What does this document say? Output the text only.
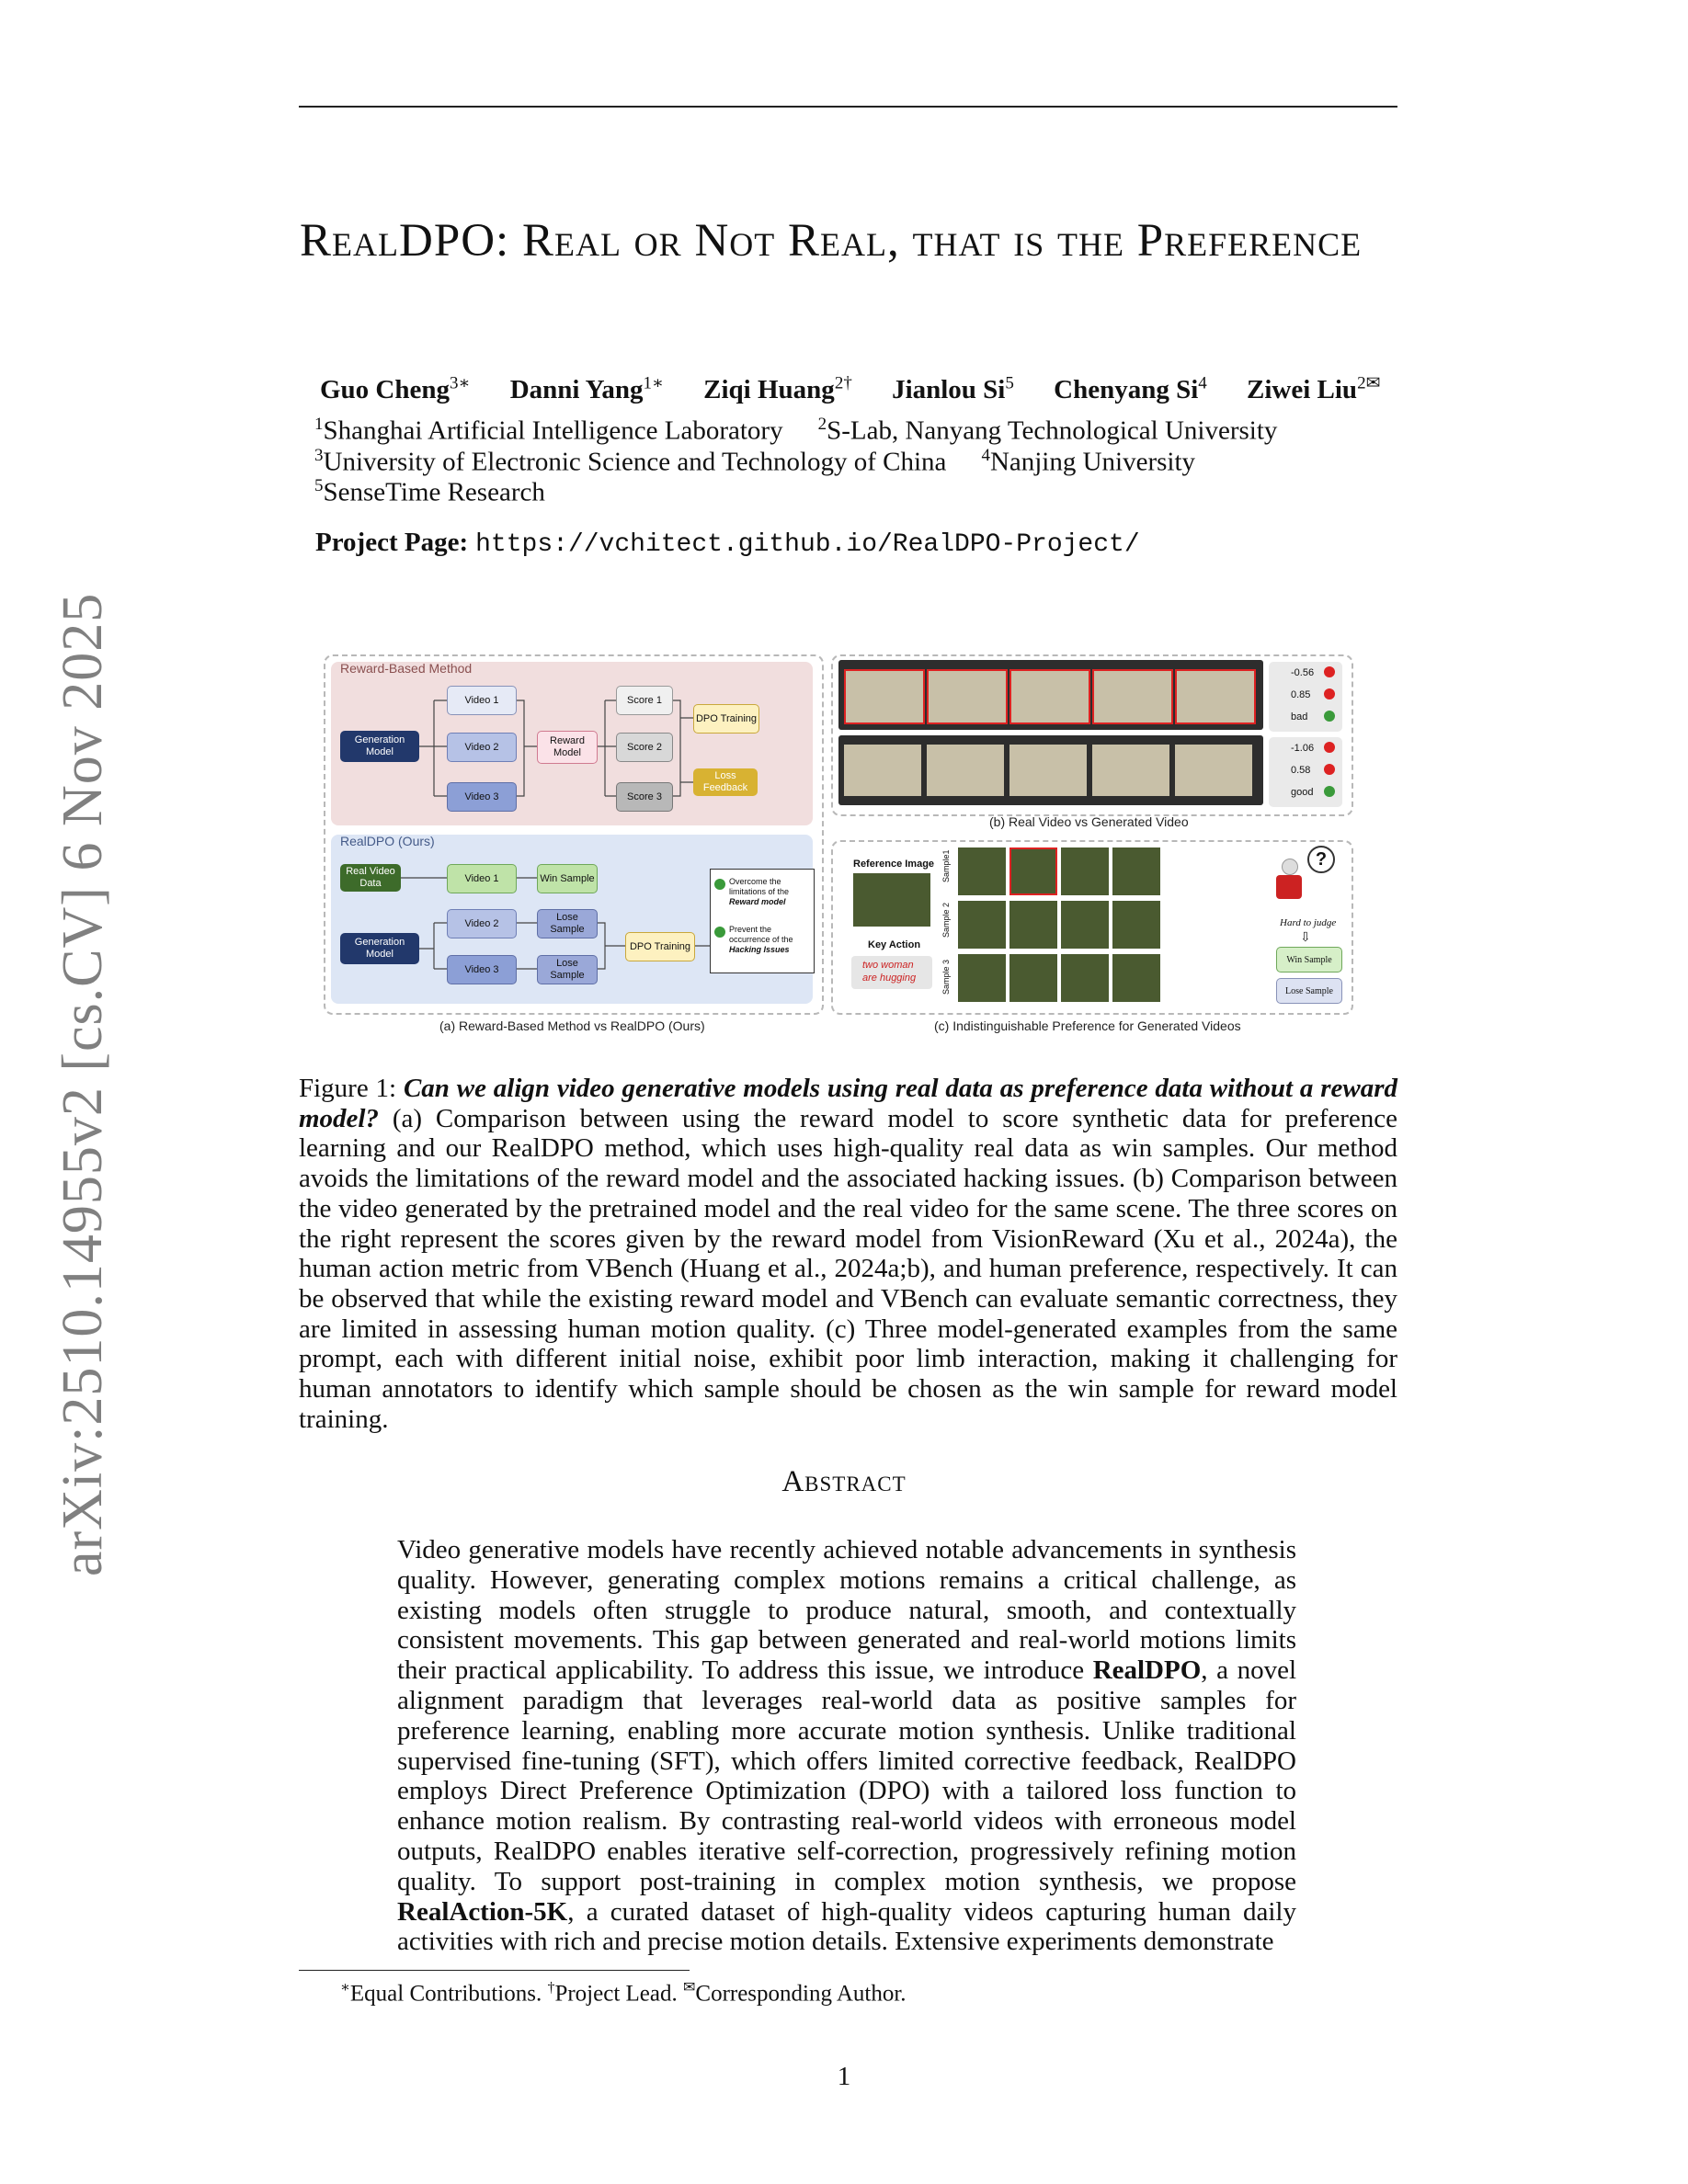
arXiv:2510.14955v2 [cs.CV] 6 Nov 2025
RealDPO: Real or Not Real, that is the Preference
Guo Cheng$^{3∗}$ Danni Yang$^{1∗}$ Ziqi Huang$^{2\dagger}$ Jianlou Si$^5$ Chenyang Si$^4$ Ziwei Liu$^{2✉}$
$^1$Shanghai Artificial Intelligence Laboratory $^2$S-Lab, Nanyang Technological University
$^3$University of Electronic Science and Technology of China $^4$Nanjing University
$^5$SenseTime Research
Project Page: https://vchitect.github.io/RealDPO-Project/
Reward-Based Method
RealDPO (Ours)
Generation Model
Video 1
Video 2
Video 3
Reward Model
Score 1
Score 2
Score 3
DPO Training
Loss Feedback
Real Video Data	Video 1	Win Sample
Generation Model
Video 2
Video 3
Lose Sample
Lose Sample
DPO Training
Overcome the limitations of the Reward model
Prevent the occurrence of the Hacking Issues
(a) Reward-Based Method vs RealDPO (Ours)
-0.56
0.85
bad
-1.06
0.58
good
(b) Real Video vs Generated Video
Reference Image
Key Action
two woman
are hugging
Sample1
Sample 2
Sample 3
?
Hard to judge
⇩
Win Sample
Lose Sample
(c) Indistinguishable Preference for Generated Videos
Figure 1: Can we align video generative models using real data as preference data without a reward model? (a) Comparison between using the reward model to score synthetic data for preference learning and our RealDPO method, which uses high-quality real data as win samples. Our method avoids the limitations of the reward model and the associated hacking issues. (b) Comparison between the video generated by the pretrained model and the real video for the same scene. The three scores on the right represent the scores given by the reward model from VisionReward (Xu et al., 2024a), the human action metric from VBench (Huang et al., 2024a;b), and human preference, respectively. It can be observed that while the existing reward model and VBench can evaluate semantic correctness, they are limited in assessing human motion quality. (c) Three model-generated examples from the same prompt, each with different initial noise, exhibit poor limb interaction, making it challenging for human annotators to identify which sample should be chosen as the win sample for reward model training.
Abstract
Video generative models have recently achieved notable advancements in synthesis quality. However, generating complex motions remains a critical challenge, as existing models often struggle to produce natural, smooth, and contextually consistent movements. This gap between generated and real-world motions limits their practical applicability. To address this issue, we introduce RealDPO, a novel alignment paradigm that leverages real-world data as positive samples for preference learning, enabling more accurate motion synthesis. Unlike traditional supervised fine-tuning (SFT), which offers limited corrective feedback, RealDPO employs Direct Preference Optimization (DPO) with a tailored loss function to enhance motion realism. By contrasting real-world videos with erroneous model outputs, RealDPO enables iterative self-correction, progressively refining motion quality. To support post-training in complex motion synthesis, we propose RealAction-5K, a curated dataset of high-quality videos capturing human daily activities with rich and precise motion details. Extensive experiments demonstrate
∗Equal Contributions. †Project Lead. ✉Corresponding Author.
1
